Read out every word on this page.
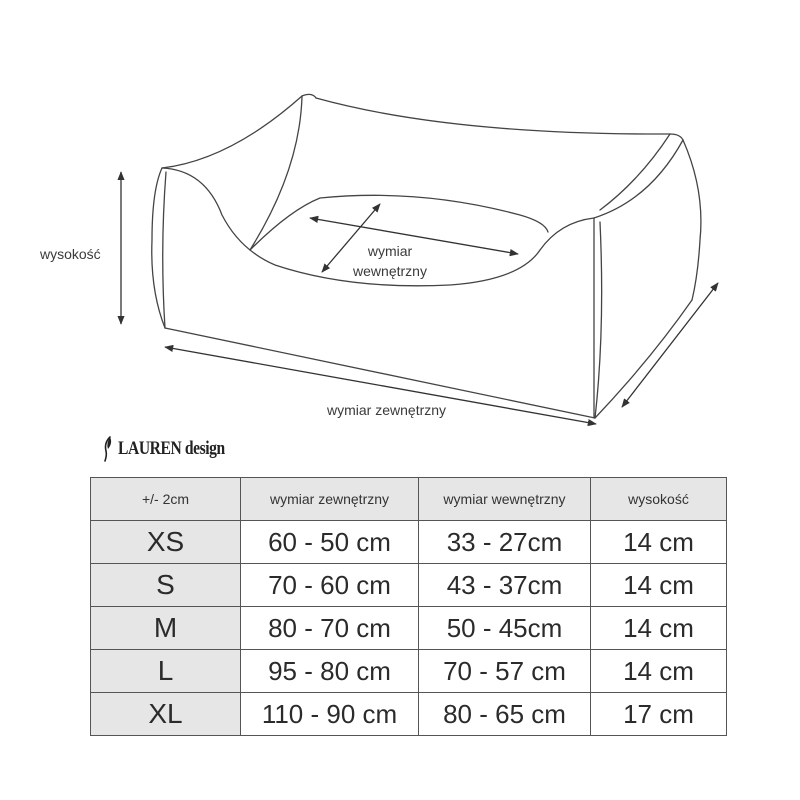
wysokość	wymiar
wewnętrzny
wymiar zewnętrzny
LAUREN design
+/- 2cm	wymiar zewnętrzny	wymiar wewnętrzny	wysokość
XS	60 - 50 cm	33 - 27cm	14 cm
S	70 - 60 cm	43 - 37cm	14 cm
M	80 - 70 cm	50 - 45cm	14 cm
L	95 - 80 cm	70 - 57 cm	14 cm
XL	110 - 90 cm	80 - 65 cm	17 cm
